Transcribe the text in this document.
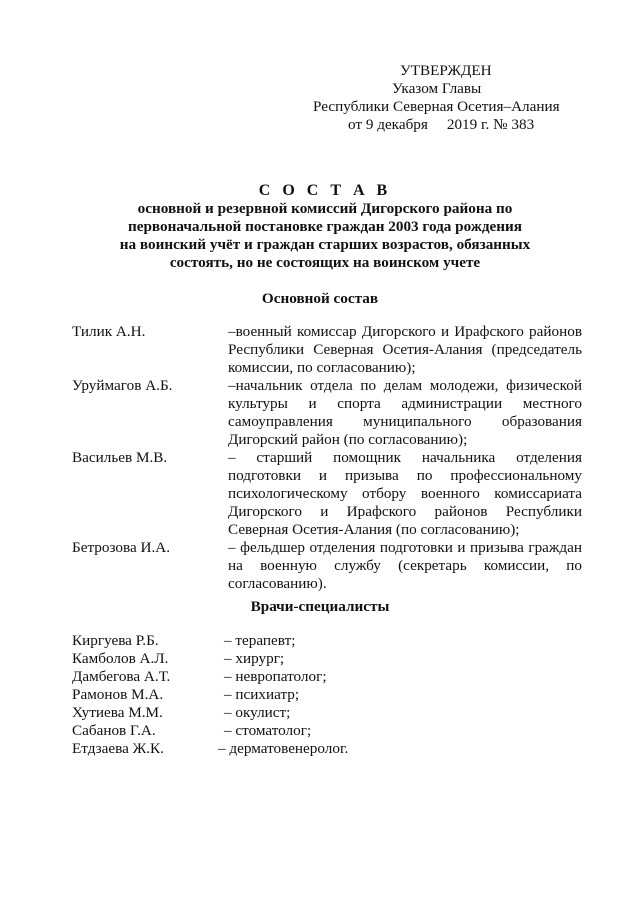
УТВЕРЖДЕН
Указом Главы
Республики Северная Осетия–Алания
от 9 декабря     2019 г. № 383
С О С Т А В
основной и резервной комиссий Дигорского района по
первоначальной постановке граждан 2003 года рождения
на воинский учёт и граждан старших возрастов, обязанных
состоять, но не состоящих на воинском учете
Основной состав
Тилик А.Н.	–военный комиссар Дигорского и Ирафского районов Республики Северная Осетия-Алания (председатель комиссии, по согласованию);
Уруймагов А.Б.	–начальник отдела по делам молодежи, физической культуры и спорта администрации местного самоуправления муниципального образования Дигорский район (по согласованию);
Васильев М.В.	– старший помощник начальника отделения подготовки и призыва по профессиональному психологическому отбору военного комиссариата Дигорского и Ирафского районов Республики Северная Осетия-Алания (по согласованию);
Бетрозова И.А.	– фельдшер отделения подготовки и призыва граждан на военную службу (секретарь комиссии, по согласованию).
Врачи-специалисты
Киргуева Р.Б.	– терапевт;
Камболов А.Л.	– хирург;
Дамбегова А.Т.	– невропатолог;
Рамонов М.А.	– психиатр;
Хутиева М.М.	– окулист;
Сабанов Г.А.	– стоматолог;
Етдзаева Ж.К.	– дерматовенеролог.
